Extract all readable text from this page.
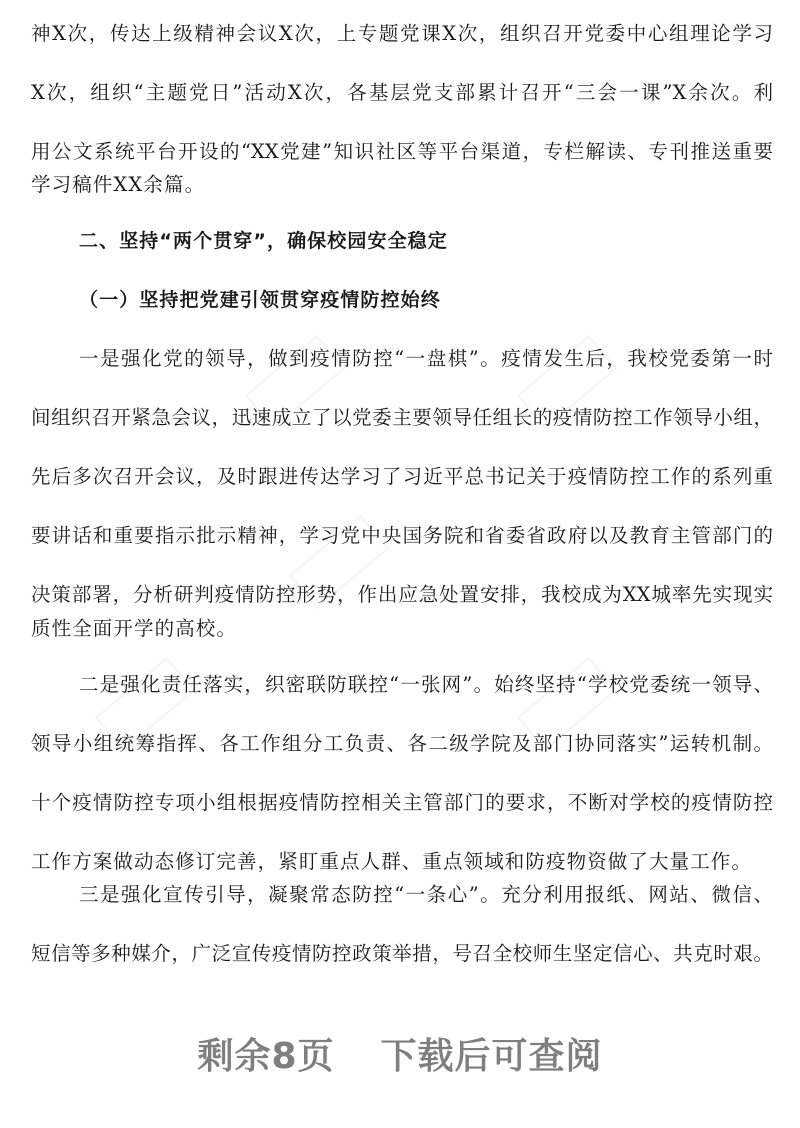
神X次，传达上级精神会议X次，上专题党课X次，组织召开党委中心组理论学习
X次，组织“主题党日”活动X次，各基层党支部累计召开“三会一课”X余次。利
用公文系统平台开设的“XX党建”知识社区等平台渠道，专栏解读、专刊推送重要
学习稿件XX余篇。
二、坚持“两个贯穿”，确保校园安全稳定
（一）坚持把党建引领贯穿疫情防控始终
一是强化党的领导，做到疫情防控“一盘棋”。疫情发生后，我校党委第一时
间组织召开紧急会议，迅速成立了以党委主要领导任组长的疫情防控工作领导小组，
先后多次召开会议，及时跟进传达学习了习近平总书记关于疫情防控工作的系列重
要讲话和重要指示批示精神，学习党中央国务院和省委省政府以及教育主管部门的
决策部署，分析研判疫情防控形势，作出应急处置安排，我校成为XX城率先实现实
质性全面开学的高校。
二是强化责任落实，织密联防联控“一张网”。始终坚持“学校党委统一领导、
领导小组统筹指挥、各工作组分工负责、各二级学院及部门协同落实”运转机制。
十个疫情防控专项小组根据疫情防控相关主管部门的要求，不断对学校的疫情防控
工作方案做动态修订完善，紧盯重点人群、重点领域和防疫物资做了大量工作。
三是强化宣传引导，凝聚常态防控“一条心”。充分利用报纸、网站、微信、
短信等多种媒介，广泛宣传疫情防控政策举措，号召全校师生坚定信心、共克时艰。
剩余8页 下载后可查阅
